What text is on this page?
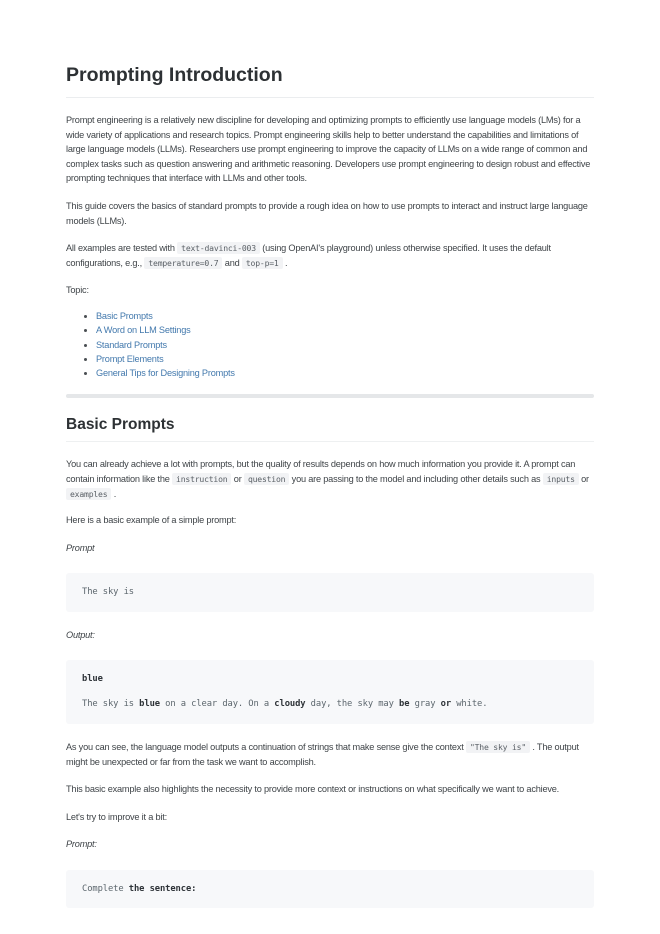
Prompting Introduction

Prompt engineering is a relatively new discipline for developing and optimizing prompts to efficiently use language models (LMs) for a wide variety of applications and research topics. Prompt engineering skills help to better understand the capabilities and limitations of large language models (LLMs). Researchers use prompt engineering to improve the capacity of LLMs on a wide range of common and complex tasks such as question answering and arithmetic reasoning. Developers use prompt engineering to design robust and effective prompting techniques that interface with LLMs and other tools.

This guide covers the basics of standard prompts to provide a rough idea on how to use prompts to interact and instruct large language models (LLMs).

All examples are tested with text-davinci-003 (using OpenAI's playground) unless otherwise specified. It uses the default configurations, e.g., temperature=0.7 and top-p=1 .

Topic:

• Basic Prompts
• A Word on LLM Settings
• Standard Prompts
• Prompt Elements
• General Tips for Designing Prompts
Basic Prompts

You can already achieve a lot with prompts, but the quality of results depends on how much information you provide it. A prompt can contain information like the instruction or question you are passing to the model and including other details such as inputs or examples .

Here is a basic example of a simple prompt:

Prompt

The sky is

Output:

blue

The sky is blue on a clear day. On a cloudy day, the sky may be gray or white.

As you can see, the language model outputs a continuation of strings that make sense give the context "The sky is" . The output might be unexpected or far from the task we want to accomplish.

This basic example also highlights the necessity to provide more context or instructions on what specifically we want to achieve.

Let's try to improve it a bit:

Prompt:

Complete the sentence:
